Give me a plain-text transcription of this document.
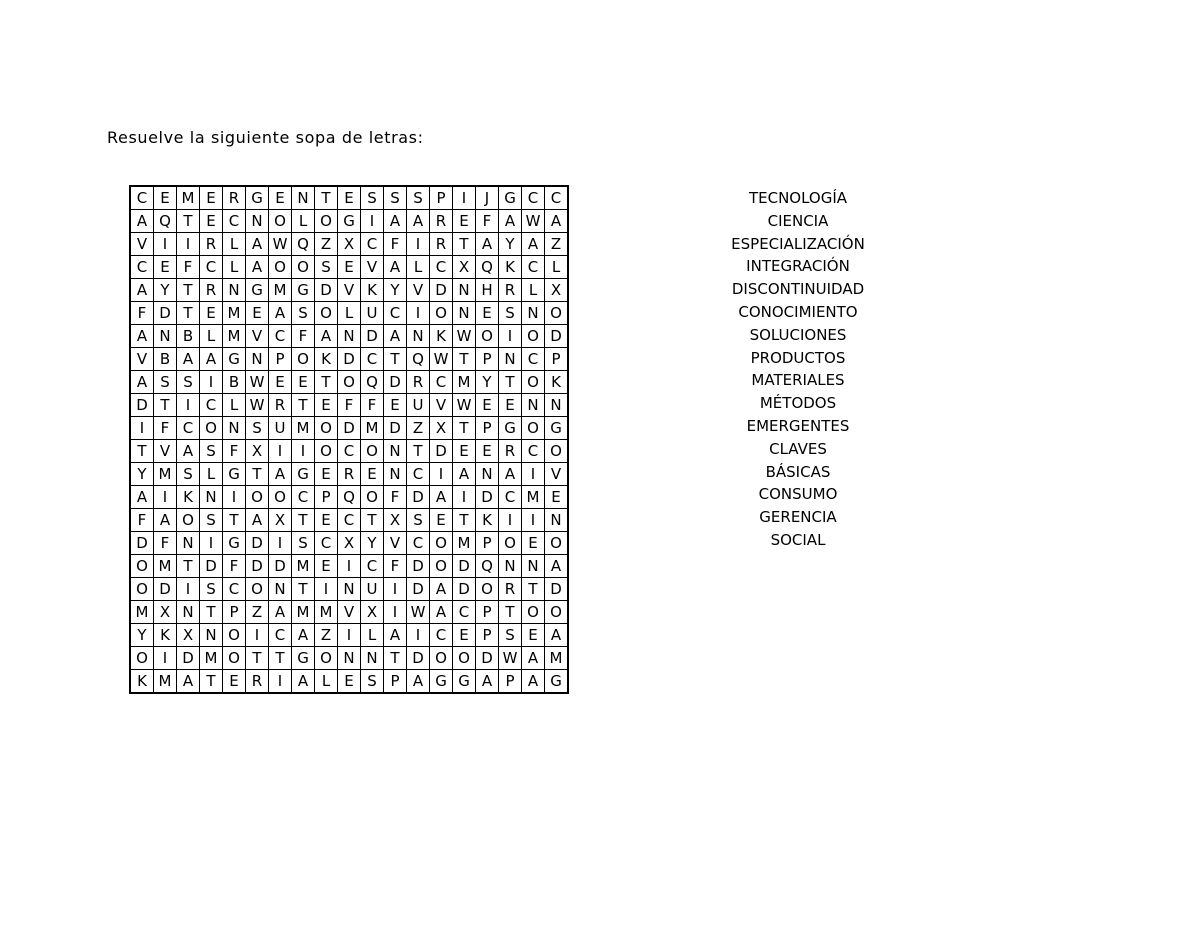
Resuelve la siguiente sopa de letras:
C	E	M	E	R	G	E	N	T	E	S	S	S	P	I	J	G	C	C
A	Q	T	E	C	N	O	L	O	G	I	A	A	R	E	F	A	W	A
V	I	I	R	L	A	W	Q	Z	X	C	F	I	R	T	A	Y	A	Z
C	E	F	C	L	A	O	O	S	E	V	A	L	C	X	Q	K	C	L
A	Y	T	R	N	G	M	G	D	V	K	Y	V	D	N	H	R	L	X
F	D	T	E	M	E	A	S	O	L	U	C	I	O	N	E	S	N	O
A	N	B	L	M	V	C	F	A	N	D	A	N	K	W	O	I	O	D
V	B	A	A	G	N	P	O	K	D	C	T	Q	W	T	P	N	C	P
A	S	S	I	B	W	E	E	T	O	Q	D	R	C	M	Y	T	O	K
D	T	I	C	L	W	R	T	E	F	F	E	U	V	W	E	E	N	N
I	F	C	O	N	S	U	M	O	D	M	D	Z	X	T	P	G	O	G
T	V	A	S	F	X	I	I	O	C	O	N	T	D	E	E	R	C	O
Y	M	S	L	G	T	A	G	E	R	E	N	C	I	A	N	A	I	V
A	I	K	N	I	O	O	C	P	Q	O	F	D	A	I	D	C	M	E
F	A	O	S	T	A	X	T	E	C	T	X	S	E	T	K	I	I	N
D	F	N	I	G	D	I	S	C	X	Y	V	C	O	M	P	O	E	O
O	M	T	D	F	D	D	M	E	I	C	F	D	O	D	Q	N	N	A
O	D	I	S	C	O	N	T	I	N	U	I	D	A	D	O	R	T	D
M	X	N	T	P	Z	A	M	M	V	X	I	W	A	C	P	T	O	O
Y	K	X	N	O	I	C	A	Z	I	L	A	I	C	E	P	S	E	A
O	I	D	M	O	T	T	G	O	N	N	T	D	O	O	D	W	A	M
K	M	A	T	E	R	I	A	L	E	S	P	A	G	G	A	P	A	G
TECNOLOGÍA
CIENCIA
ESPECIALIZACIÓN
INTEGRACIÓN
DISCONTINUIDAD
CONOCIMIENTO
SOLUCIONES
PRODUCTOS
MATERIALES
MÉTODOS
EMERGENTES
CLAVES
BÁSICAS
CONSUMO
GERENCIA
SOCIAL
